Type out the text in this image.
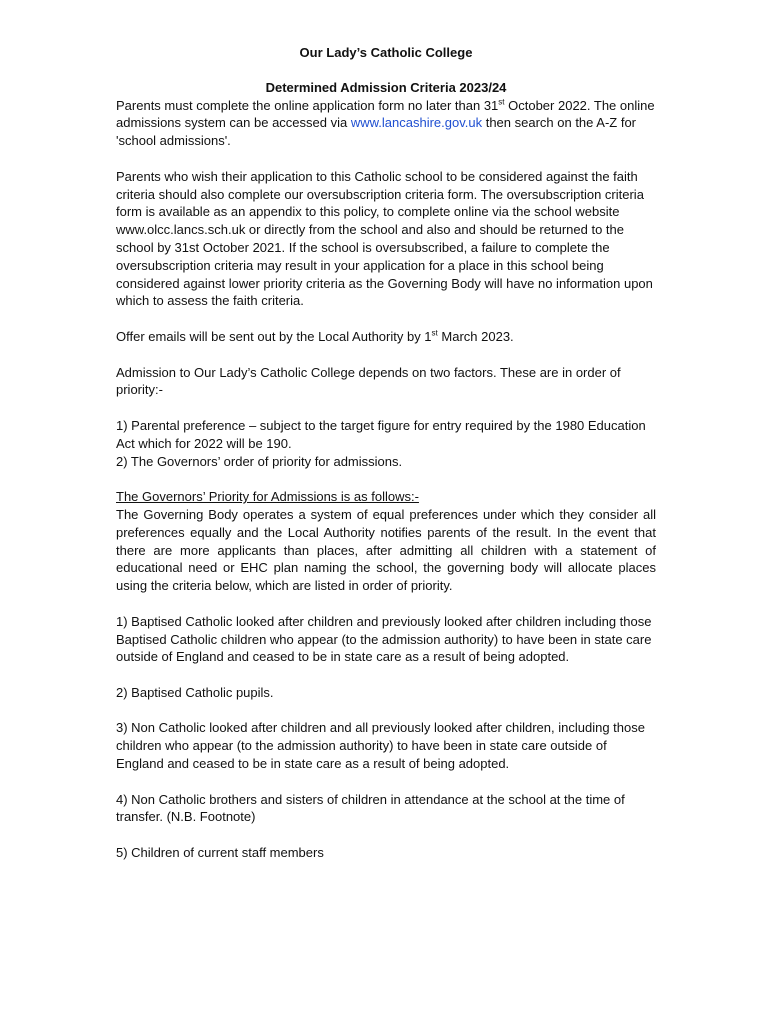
Our Lady’s Catholic College
Determined Admission Criteria 2023/24

Parents must complete the online application form no later than 31st October 2022. The online admissions system can be accessed via www.lancashire.gov.uk then search on the A-Z for 'school admissions'.

Parents who wish their application to this Catholic school to be considered against the faith criteria should also complete our oversubscription criteria form. The oversubscription criteria form is available as an appendix to this policy, to complete online via the school website www.olcc.lancs.sch.uk or directly from the school and also and should be returned to the school by 31st October 2021. If the school is oversubscribed, a failure to complete the oversubscription criteria may result in your application for a place in this school being considered against lower priority criteria as the Governing Body will have no information upon which to assess the faith criteria.

Offer emails will be sent out by the Local Authority by 1st March 2023.

Admission to Our Lady’s Catholic College depends on two factors. These are in order of priority:-

1) Parental preference – subject to the target figure for entry required by the 1980 Education Act which for 2022 will be 190.

2) The Governors’ order of priority for admissions.

The Governors’ Priority for Admissions is as follows:-

The Governing Body operates a system of equal preferences under which they consider all preferences equally and the Local Authority notifies parents of the result. In the event that there are more applicants than places, after admitting all children with a statement of educational need or EHC plan naming the school, the governing body will allocate places using the criteria below, which are listed in order of priority.

1) Baptised Catholic looked after children and previously looked after children including those Baptised Catholic children who appear (to the admission authority) to have been in state care outside of England and ceased to be in state care as a result of being adopted.

2) Baptised Catholic pupils.

3) Non Catholic looked after children and all previously looked after children, including those children who appear (to the admission authority) to have been in state care outside of England and ceased to be in state care as a result of being adopted.

4) Non Catholic brothers and sisters of children in attendance at the school at the time of transfer. (N.B. Footnote)

5) Children of current staff members
